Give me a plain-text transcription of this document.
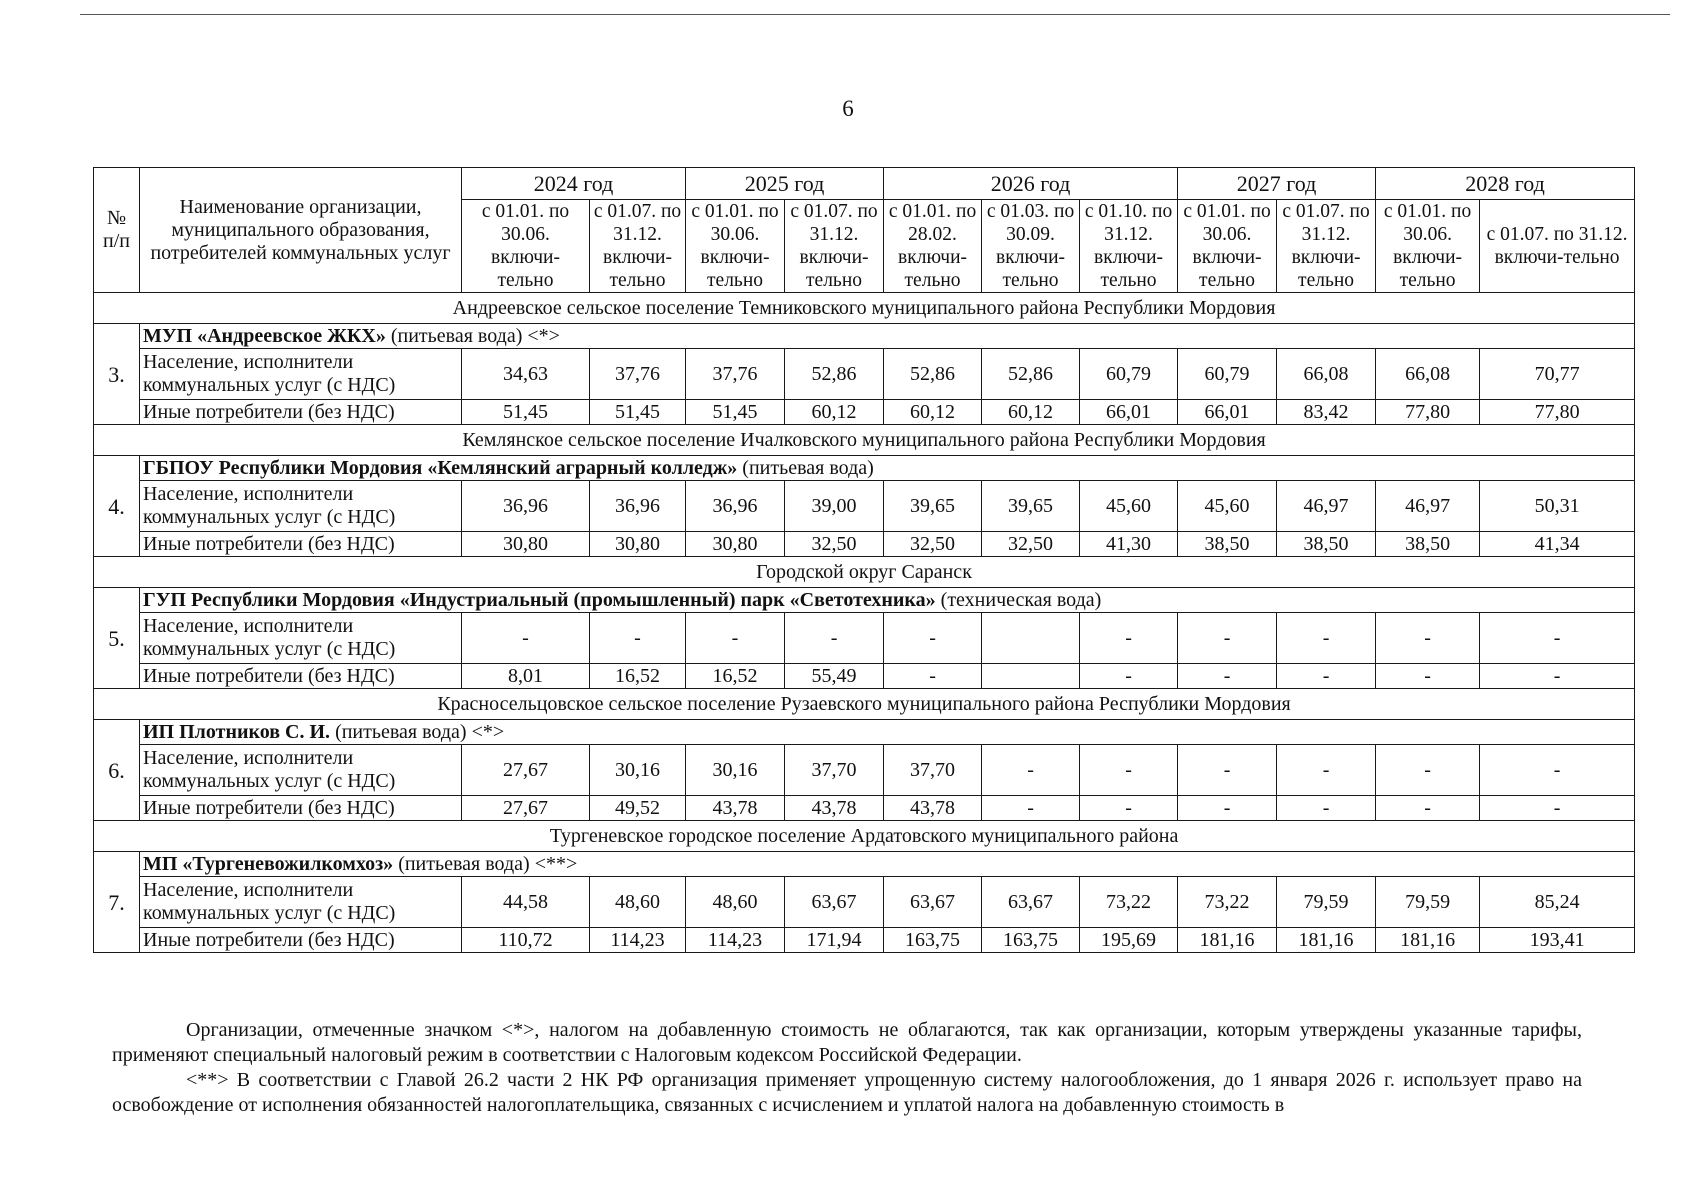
6
№ п/п	Наименование организации, муниципального образования, потребителей коммунальных услуг	2024 год		2025 год		2026 год			2027 год		2028 год	
		с 01.01. по 30.06. включи-тельно	с 01.07. по 31.12. включи-тельно	с 01.01. по 30.06. включи-тельно	с 01.07. по 31.12. включи-тельно	с 01.01. по 28.02. включи-тельно	с 01.03. по 30.09. включи-тельно	с 01.10. по 31.12. включи-тельно	с 01.01. по 30.06. включи-тельно	с 01.07. по 31.12. включи-тельно	с 01.01. по 30.06. включи-тельно	с 01.07. по 31.12. включи-тельно
Андреевское сельское поселение Темниковского муниципального района Республики Мордовия												
3.	МУП «Андреевское ЖКХ» (питьевая вода) <*>											
	Население, исполнители коммунальных услуг (с НДС)	34,63	37,76	37,76	52,86	52,86	52,86	60,79	60,79	66,08	66,08	70,77
	Иные потребители (без НДС)	51,45	51,45	51,45	60,12	60,12	60,12	66,01	66,01	83,42	77,80	77,80
Кемлянское сельское поселение Ичалковского муниципального района Республики Мордовия												
4.	ГБПОУ Республики Мордовия «Кемлянский аграрный колледж» (питьевая вода)											
	Население, исполнители коммунальных услуг (с НДС)	36,96	36,96	36,96	39,00	39,65	39,65	45,60	45,60	46,97	46,97	50,31
	Иные потребители (без НДС)	30,80	30,80	30,80	32,50	32,50	32,50	41,30	38,50	38,50	38,50	41,34
Городской округ Саранск												
5.	ГУП Республики Мордовия «Индустриальный (промышленный) парк «Светотехника» (техническая вода)											
	Население, исполнители коммунальных услуг (с НДС)	-	-	-	-	-		-	-	-	-	-
	Иные потребители (без НДС)	8,01	16,52	16,52	55,49	-		-	-	-	-	-
Красносельцовское сельское поселение Рузаевского муниципального района Республики Мордовия												
6.	ИП Плотников С. И. (питьевая вода) <*>											
	Население, исполнители коммунальных услуг (с НДС)	27,67	30,16	30,16	37,70	37,70	-	-	-	-	-	-
	Иные потребители (без НДС)	27,67	49,52	43,78	43,78	43,78	-	-	-	-	-	-
Тургеневское городское поселение Ардатовского муниципального района												
7.	МП «Тургеневожилкомхоз» (питьевая вода) <**>											
	Население, исполнители коммунальных услуг (с НДС)	44,58	48,60	48,60	63,67	63,67	63,67	73,22	73,22	79,59	79,59	85,24
	Иные потребители (без НДС)	110,72	114,23	114,23	171,94	163,75	163,75	195,69	181,16	181,16	181,16	193,41

Организации, отмеченные значком <*>, налогом на добавленную стоимость не облагаются, так как организации, которым утверждены указанные тарифы, применяют специальный налоговый режим в соответствии с Налоговым кодексом Российской Федерации.

<**> В соответствии с Главой 26.2 части 2 НК РФ организация применяет упрощенную систему налогообложения, до 1 января 2026 г. использует право на освобождение от исполнения обязанностей налогоплательщика, связанных с исчислением и уплатой налога на добавленную стоимость в
